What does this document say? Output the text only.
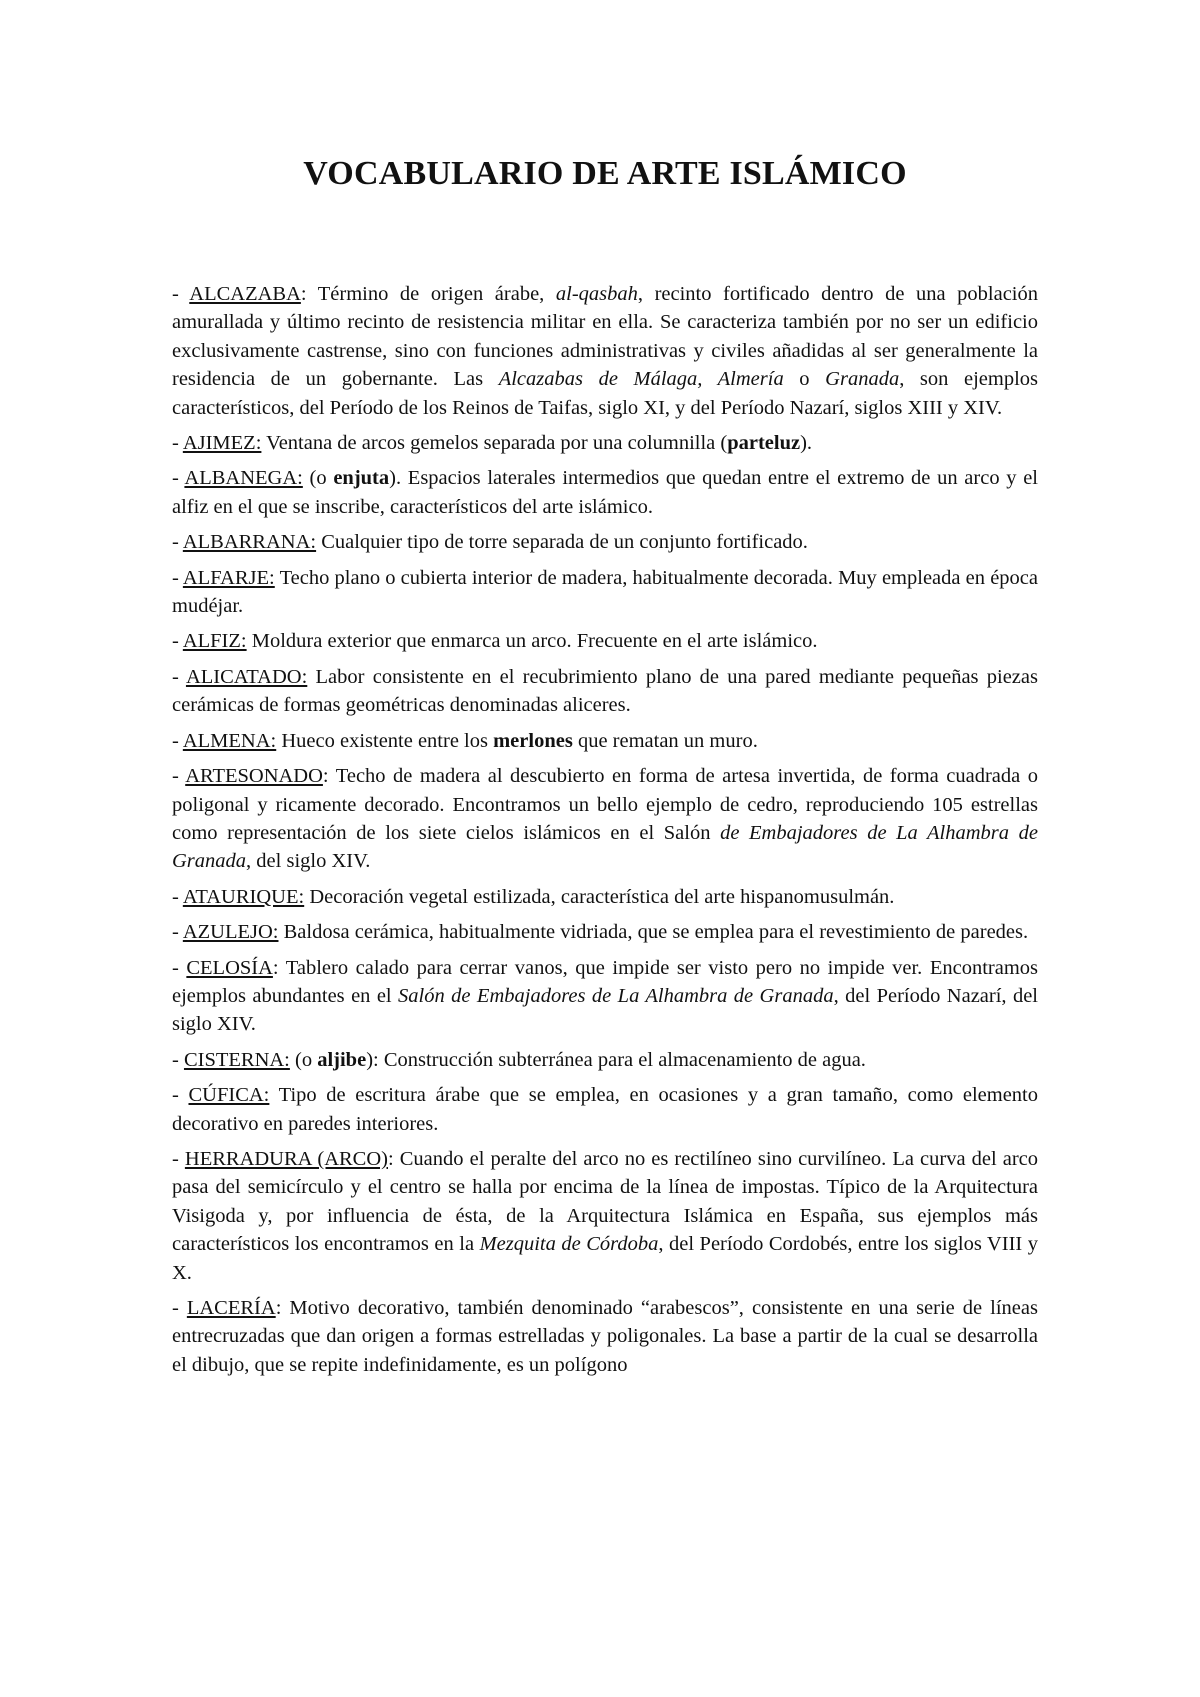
VOCABULARIO DE ARTE ISLÁMICO

- ALCAZABA: Término de origen árabe, al-qasbah, recinto fortificado dentro de una población amurallada y último recinto de resistencia militar en ella. Se caracteriza también por no ser un edificio exclusivamente castrense, sino con funciones administrativas y civiles añadidas al ser generalmente la residencia de un gobernante. Las Alcazabas de Málaga, Almería o Granada, son ejemplos característicos, del Período de los Reinos de Taifas, siglo XI, y del Período Nazarí, siglos XIII y XIV.

- AJIMEZ: Ventana de arcos gemelos separada por una columnilla (parteluz).

- ALBANEGA: (o enjuta). Espacios laterales intermedios que quedan entre el extremo de un arco y el alfiz en el que se inscribe, característicos del arte islámico.

- ALBARRANA: Cualquier tipo de torre separada de un conjunto fortificado.

- ALFARJE: Techo plano o cubierta interior de madera, habitualmente decorada. Muy empleada en época mudéjar.

- ALFIZ: Moldura exterior que enmarca un arco. Frecuente en el arte islámico.

- ALICATADO: Labor consistente en el recubrimiento plano de una pared mediante pequeñas piezas cerámicas de formas geométricas denominadas aliceres.

- ALMENA: Hueco existente entre los merlones que rematan un muro.

- ARTESONADO: Techo de madera al descubierto en forma de artesa invertida, de forma cuadrada o poligonal y ricamente decorado. Encontramos un bello ejemplo de cedro, reproduciendo 105 estrellas como representación de los siete cielos islámicos en el Salón de Embajadores de La Alhambra de Granada, del siglo XIV.

- ATAURIQUE: Decoración vegetal estilizada, característica del arte hispanomusulmán.

- AZULEJO: Baldosa cerámica, habitualmente vidriada, que se emplea para el revestimiento de paredes.

- CELOSÍA: Tablero calado para cerrar vanos, que impide ser visto pero no impide ver. Encontramos ejemplos abundantes en el Salón de Embajadores de La Alhambra de Granada, del Período Nazarí, del siglo XIV.

- CISTERNA: (o aljibe): Construcción subterránea para el almacenamiento de agua.

- CÚFICA: Tipo de escritura árabe que se emplea, en ocasiones y a gran tamaño, como elemento decorativo en paredes interiores.

- HERRADURA (ARCO): Cuando el peralte del arco no es rectilíneo sino curvilíneo. La curva del arco pasa del semicírculo y el centro se halla por encima de la línea de impostas. Típico de la Arquitectura Visigoda y, por influencia de ésta, de la Arquitectura Islámica en España, sus ejemplos más característicos los encontramos en la Mezquita de Córdoba, del Período Cordobés, entre los siglos VIII y X.

- LACERÍA: Motivo decorativo, también denominado “arabescos”, consistente en una serie de líneas entrecruzadas que dan origen a formas estrelladas y poligonales. La base a partir de la cual se desarrolla el dibujo, que se repite indefinidamente, es un polígono
